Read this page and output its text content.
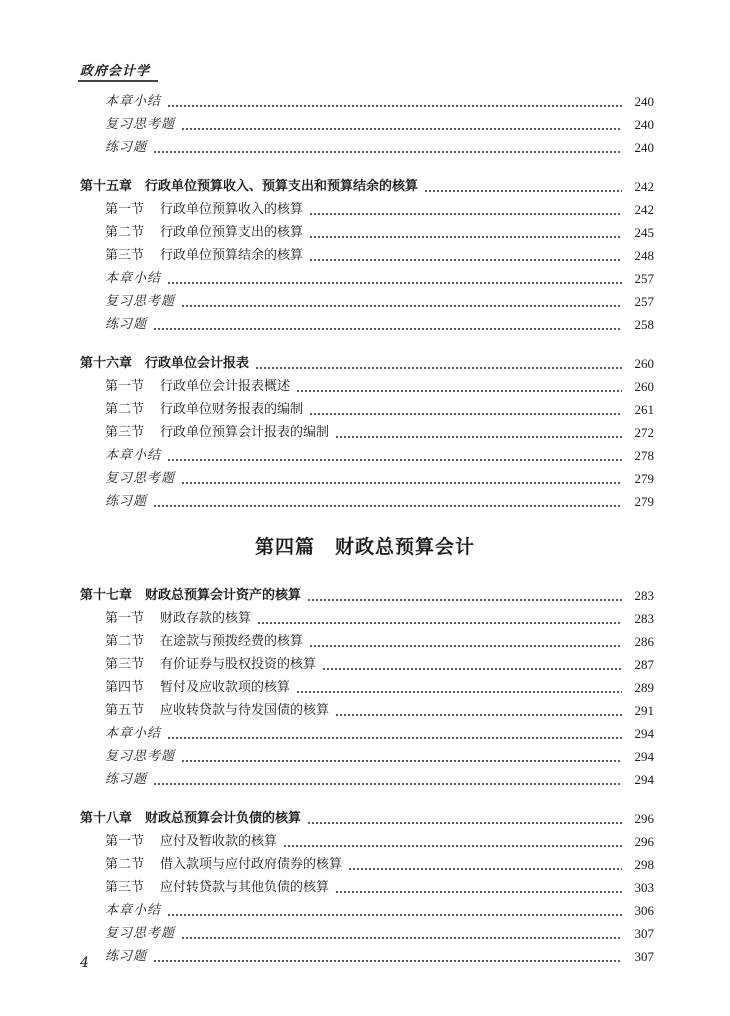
政府会计学
本章小结	240
复习思考题	240
练习题	240
第十五章　行政单位预算收入、预算支出和预算结余的核算	242
第一节 行政单位预算收入的核算	242
第二节 行政单位预算支出的核算	245
第三节 行政单位预算结余的核算	248
本章小结	257
复习思考题	257
练习题	258
第十六章　行政单位会计报表	260
第一节 行政单位会计报表概述	260
第二节 行政单位财务报表的编制	261
第三节 行政单位预算会计报表的编制	272
本章小结	278
复习思考题	279
练习题	279
第十七章　财政总预算会计资产的核算	283
第一节 财政存款的核算	283
第二节 在途款与预拨经费的核算	286
第三节 有价证券与股权投资的核算	287
第四节 暂付及应收款项的核算	289
第五节 应收转贷款与待发国债的核算	291
本章小结	294
复习思考题	294
练习题	294
第十八章　财政总预算会计负债的核算	296
第一节 应付及暂收款的核算	296
第二节 借入款项与应付政府债券的核算	298
第三节 应付转贷款与其他负债的核算	303
本章小结	306
复习思考题	307
练习题	307
第四篇　财政总预算会计
4
